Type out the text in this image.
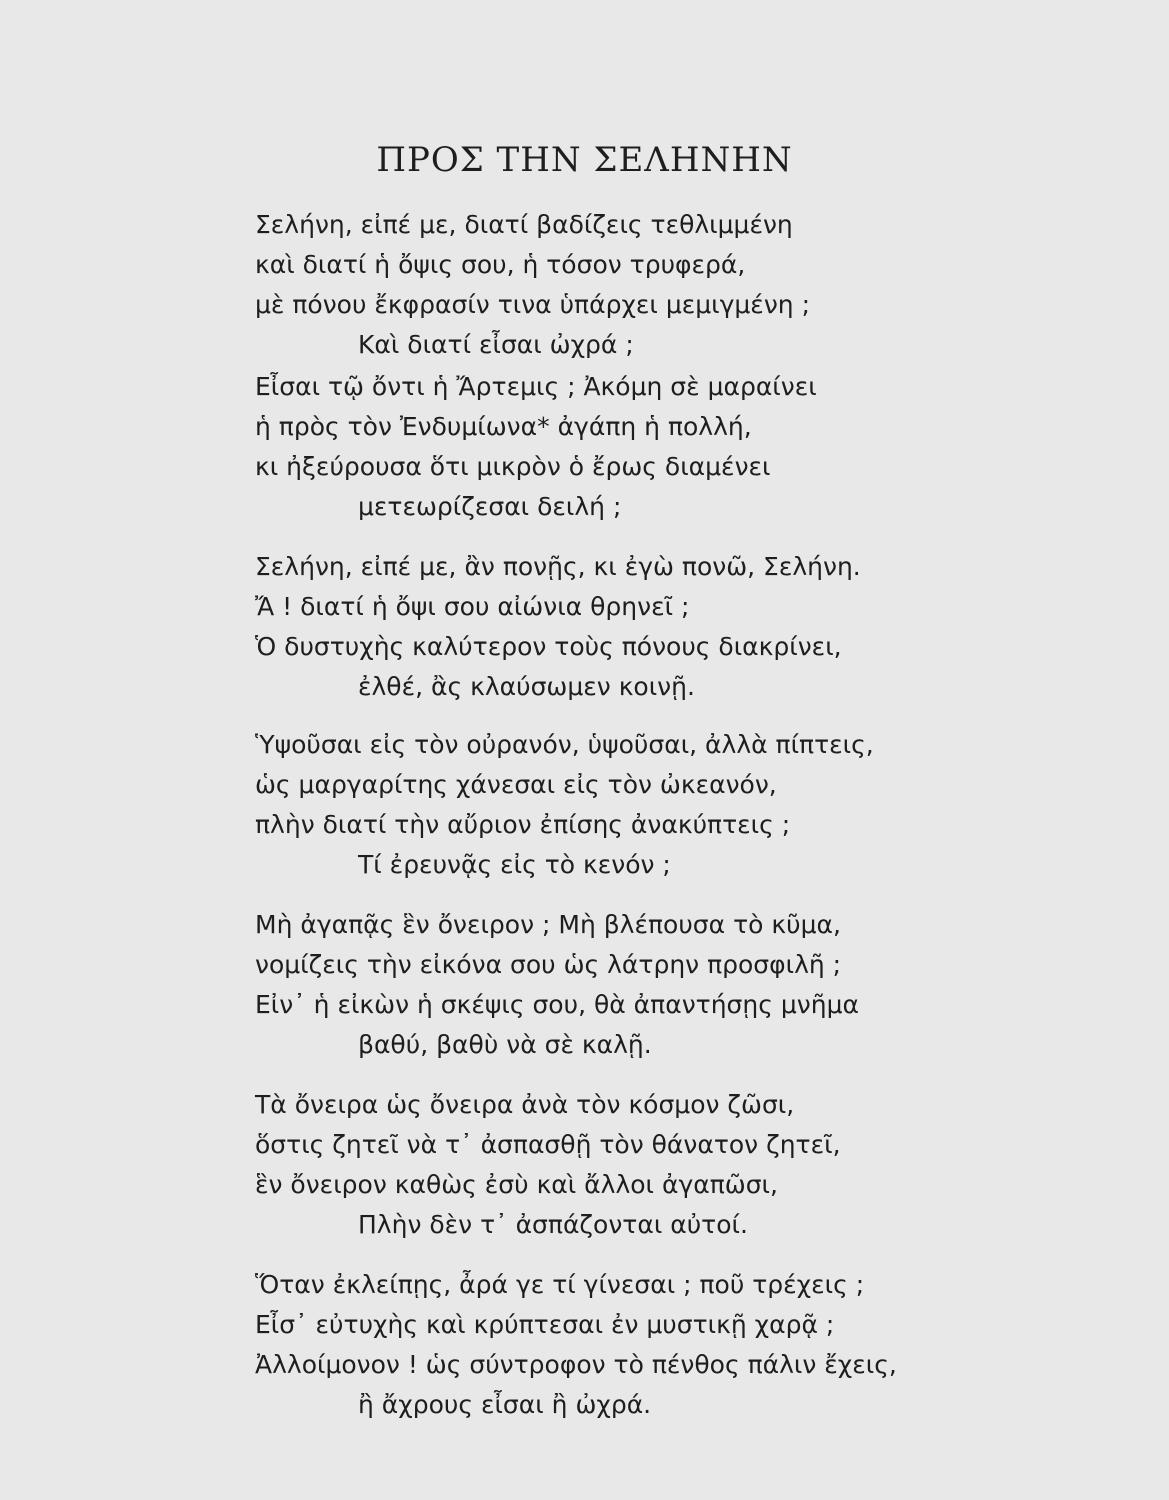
ΠΡΟΣ ΤΗΝ ΣΕΛΗΝΗΝ
Σελήνη, εἰπέ με, διατί βαδίζεις τεθλιμμένη
καὶ διατί ἡ ὄψις σου, ἡ τόσον τρυφερά,
μὲ πόνου ἔκφρασίν τινα ὑπάρχει μεμιγμένη ;
Καὶ διατί εἶσαι ὠχρά ;
Εἶσαι τῷ ὄντι ἡ Ἄρτεμις ; Ἀκόμη σὲ μαραίνει
ἡ πρὸς τὸν Ἐνδυμίωνα* ἀγάπη ἡ πολλή,
κι ἠξεύρουσα ὅτι μικρὸν ὁ ἔρως διαμένει
μετεωρίζεσαι δειλή ;
Σελήνη, εἰπέ με, ἂν πονῇς, κι ἐγὼ πονῶ, Σελήνη.
Ἄ ! διατί ἡ ὄψι σου αἰώνια θρηνεῖ ;
Ὁ δυστυχὴς καλύτερον τοὺς πόνους διακρίνει,
ἐλθέ, ἂς κλαύσωμεν κοινῇ.
Ὑψοῦσαι εἰς τὸν οὐρανόν, ὑψοῦσαι, ἀλλὰ πίπτεις,
ὡς μαργαρίτης χάνεσαι εἰς τὸν ὠκεανόν,
πλὴν διατί τὴν αὔριον ἐπίσης ἀνακύπτεις ;
Τί ἐρευνᾷς εἰς τὸ κενόν ;
Μὴ ἀγαπᾷς ἓν ὄνειρον ; Μὴ βλέπουσα τὸ κῦμα,
νομίζεις τὴν εἰκόνα σου ὡς λάτρην προσφιλῆ ;
Εἰν᾽ ἡ εἰκὼν ἡ σκέψις σου, θὰ ἀπαντήσῃς μνῆμα
βαθύ, βαθὺ νὰ σὲ καλῇ.
Τὰ ὄνειρα ὡς ὄνειρα ἀνὰ τὸν κόσμον ζῶσι,
ὅστις ζητεῖ νὰ τ᾽ ἀσπασθῇ τὸν θάνατον ζητεῖ,
ἓν ὄνειρον καθὼς ἐσὺ καὶ ἄλλοι ἀγαπῶσι,
Πλὴν δὲν τ᾽ ἀσπάζονται αὐτοί.
Ὅταν ἐκλείπῃς, ἆρά γε τί γίνεσαι ; ποῦ τρέχεις ;
Εἶσ᾽ εὐτυχὴς καὶ κρύπτεσαι ἐν μυστικῇ χαρᾷ ;
Ἀλλοίμονον ! ὡς σύντροφον τὸ πένθος πάλιν ἔχεις,
ἢ ἄχρους εἶσαι ἢ ὠχρά.
